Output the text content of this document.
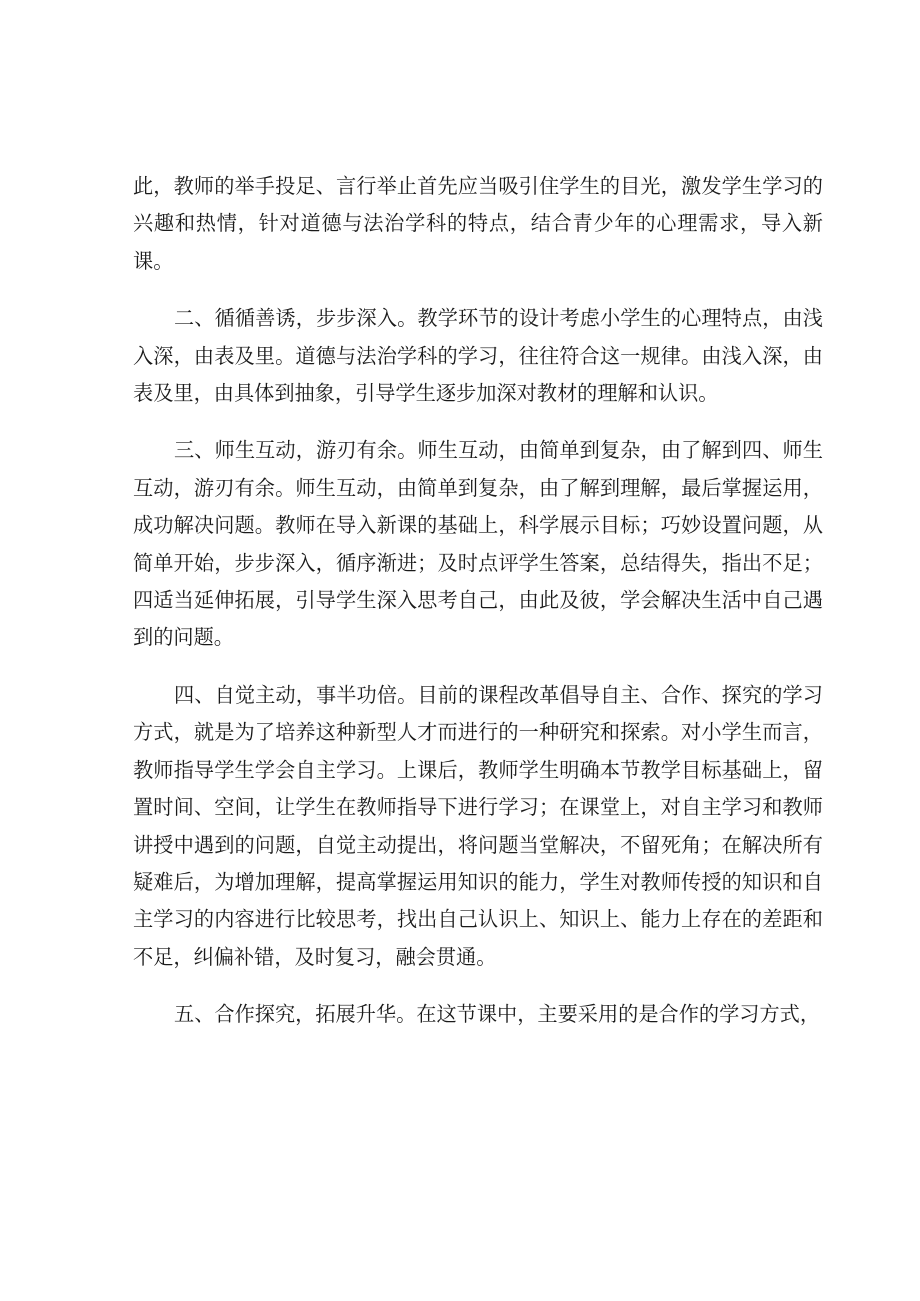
此，教师的举手投足、言行举止首先应当吸引住学生的目光，激发学生学习的兴趣和热情，针对道德与法治学科的特点，结合青少年的心理需求，导入新课。

二、循循善诱，步步深入。教学环节的设计考虑小学生的心理特点，由浅入深，由表及里。道德与法治学科的学习，往往符合这一规律。由浅入深，由表及里，由具体到抽象，引导学生逐步加深对教材的理解和认识。

三、师生互动，游刃有余。师生互动，由简单到复杂，由了解到四、师生互动，游刃有余。师生互动，由简单到复杂，由了解到理解，最后掌握运用，成功解决问题。教师在导入新课的基础上，科学展示目标；巧妙设置问题，从简单开始，步步深入，循序渐进；及时点评学生答案，总结得失，指出不足；四适当延伸拓展，引导学生深入思考自己，由此及彼，学会解决生活中自己遇到的问题。

四、自觉主动，事半功倍。目前的课程改革倡导自主、合作、探究的学习方式，就是为了培养这种新型人才而进行的一种研究和探索。对小学生而言，教师指导学生学会自主学习。上课后，教师学生明确本节教学目标基础上，留置时间、空间，让学生在教师指导下进行学习；在课堂上，对自主学习和教师讲授中遇到的问题，自觉主动提出，将问题当堂解决，不留死角；在解决所有疑难后，为增加理解，提高掌握运用知识的能力，学生对教师传授的知识和自主学习的内容进行比较思考，找出自己认识上、知识上、能力上存在的差距和不足，纠偏补错，及时复习，融会贯通。

五、合作探究，拓展升华。在这节课中，主要采用的是合作的学习方式，
